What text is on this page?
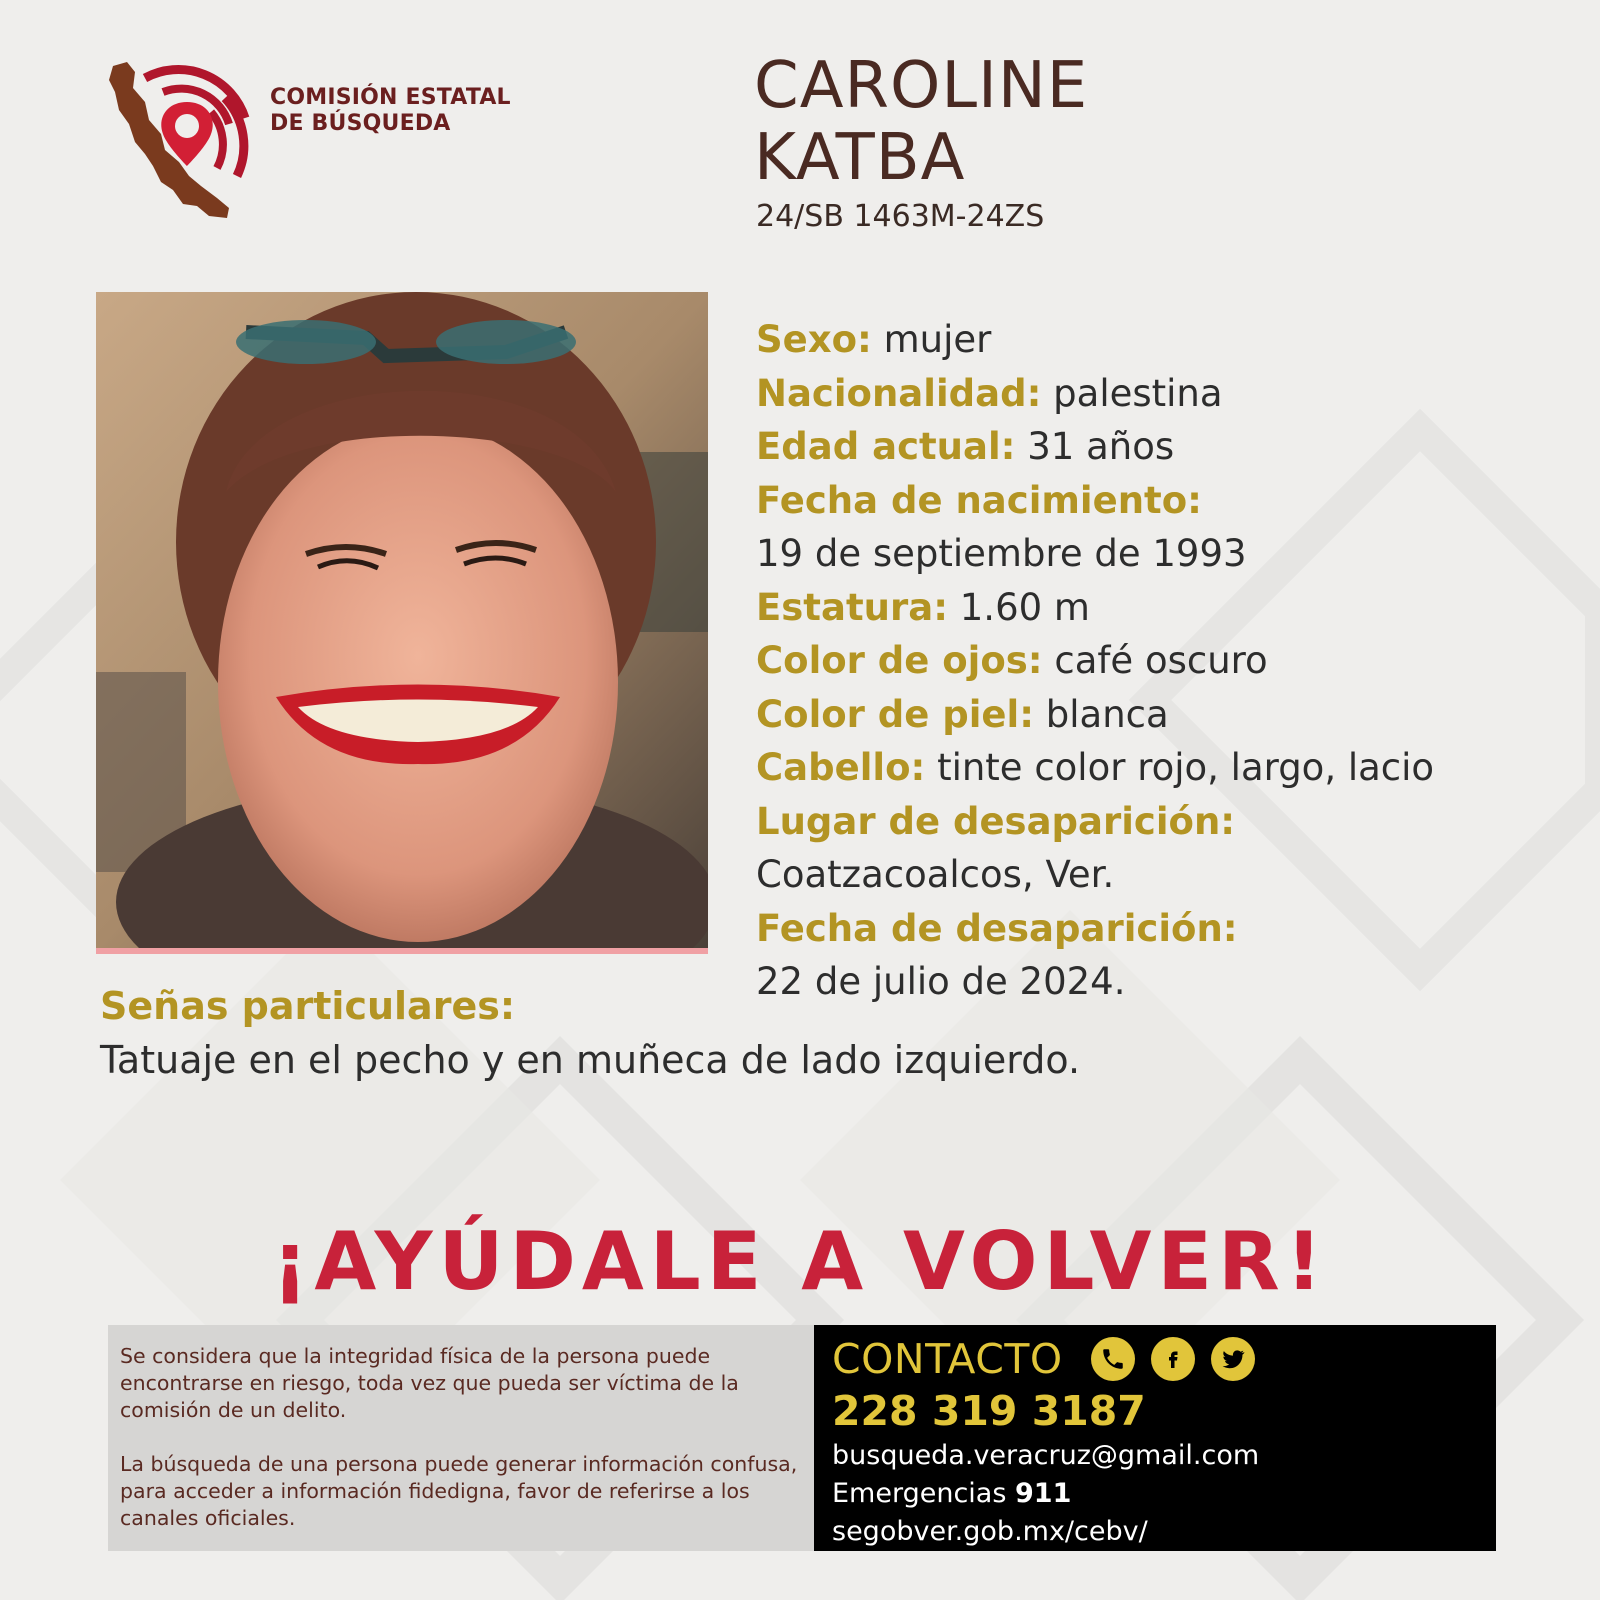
COMISIÓN ESTATAL
DE BÚSQUEDA
CAROLINE
KATBA
24/SB 1463M-24ZS
Sexo: mujer
Nacionalidad: palestina
Edad actual: 31 años
Fecha de nacimiento:
19 de septiembre de 1993
Estatura: 1.60 m
Color de ojos: café oscuro
Color de piel: blanca
Cabello: tinte color rojo, largo, lacio
Lugar de desaparición:
Coatzacoalcos, Ver.
Fecha de desaparición:
22 de julio de 2024.
Señas particulares:
Tatuaje en el pecho y en muñeca de lado izquierdo.
¡AYÚDALE A VOLVER!

Se considera que la integridad física de la persona puede encontrarse en riesgo, toda vez que pueda ser víctima de la comisión de un delito.

La búsqueda de una persona puede generar información confusa, para acceder a información fidedigna, favor de referirse a los canales oficiales.

CONTACTO
228 319 3187
busqueda.veracruz@gmail.com
Emergencias 911
segobver.gob.mx/cebv/
